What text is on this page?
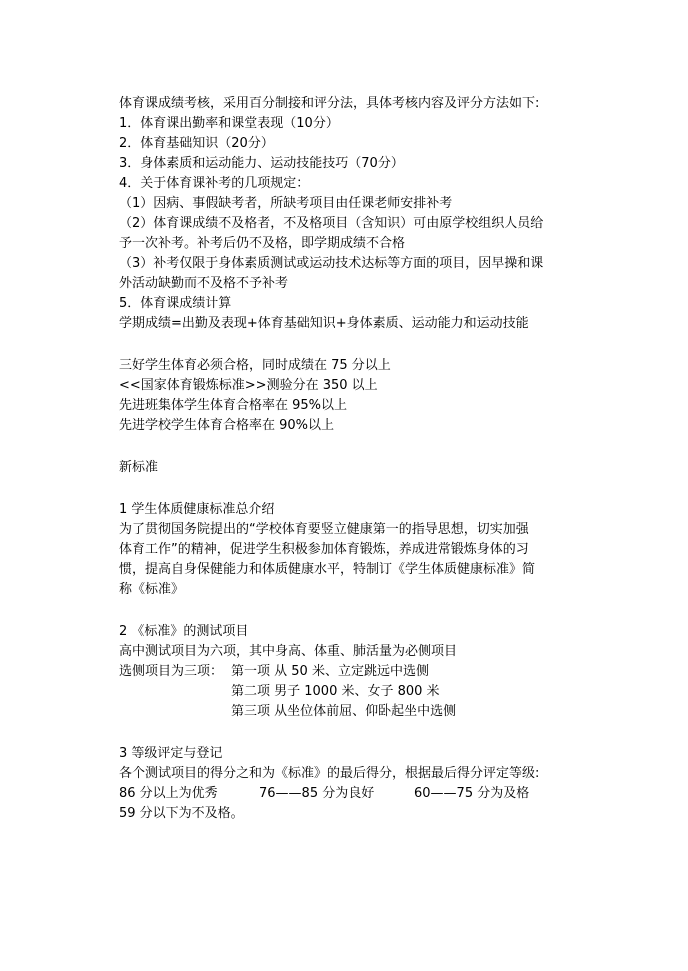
体育课成绩考核，采用百分制接和评分法，具体考核内容及评分方法如下:
1．体育课出勤率和课堂表现（10分）
2．体育基础知识（20分）
3．身体素质和运动能力、运动技能技巧（70分）
4．关于体育课补考的几项规定：
（1）因病、事假缺考者，所缺考项目由任课老师安排补考
（2）体育课成绩不及格者，不及格项目（含知识）可由原学校组织人员给
予一次补考。补考后仍不及格，即学期成绩不合格
（3）补考仅限于身体素质测试或运动技术达标等方面的项目，因早操和课
外活动缺勤而不及格不予补考
5．体育课成绩计算
学期成绩=出勤及表现+体育基础知识+身体素质、运动能力和运动技能
三好学生体育必须合格，同时成绩在 75 分以上
<<国家体育锻炼标准>>测验分在 350 以上
先进班集体学生体育合格率在 95%以上
先进学校学生体育合格率在 90%以上
新标准
1 学生体质健康标准总介绍
为了贯彻国务院提出的“学校体育要竖立健康第一的指导思想，切实加强
体育工作”的精神，促进学生积极参加体育锻炼，养成进常锻炼身体的习
惯，提高自身保健能力和体质健康水平，特制订《学生体质健康标准》简
称《标准》
2 《标准》的测试项目
高中测试项目为六项，其中身高、体重、肺活量为必侧项目
选侧项目为三项： 第一项 从 50 米、立定跳远中选侧
第二项 男子 1000 米、女子 800 米
第三项 从坐位体前屈、仰卧起坐中选侧
3 等级评定与登记
各个测试项目的得分之和为《标准》的最后得分，根据最后得分评定等级:
86 分以上为优秀	76——85 分为良好	60——75 分为及格
59 分以下为不及格。
